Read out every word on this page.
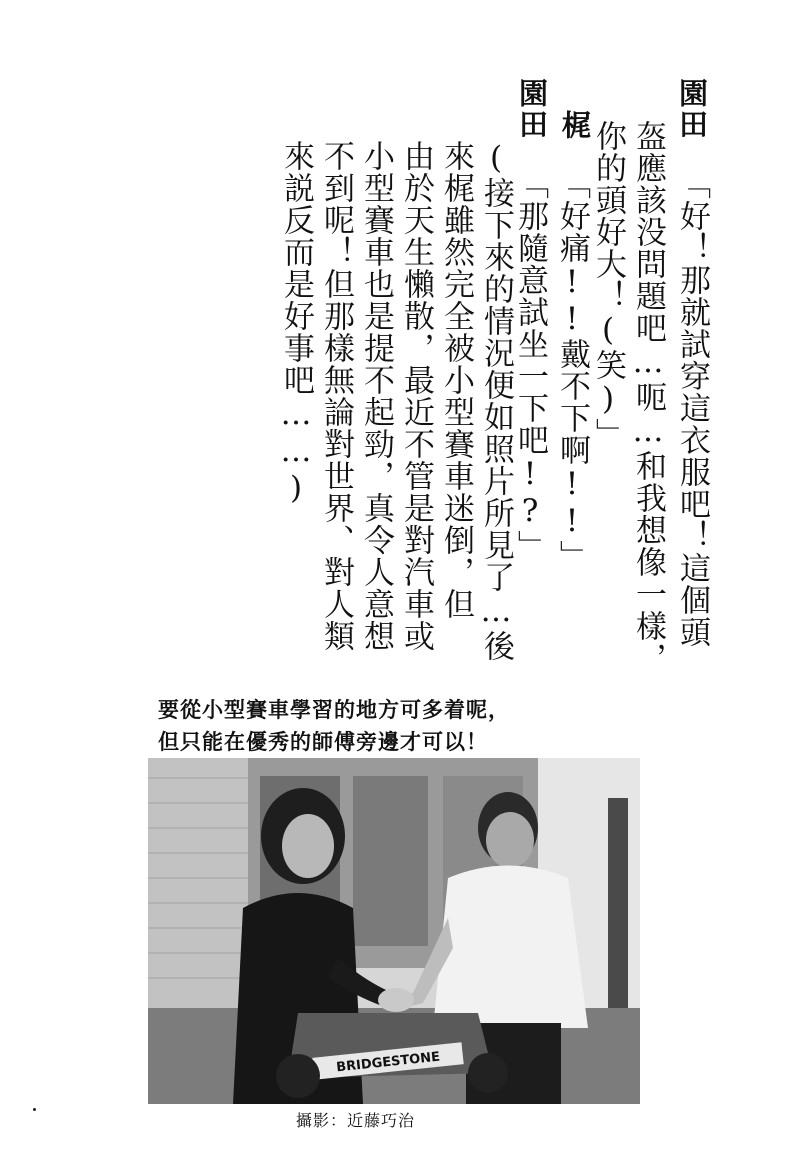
園田
「好！那就試穿這衣服吧！這個頭
盔應該没問題吧…呃…和我想像一樣，
你的頭好大！(笑)」
梶
「好痛!!戴不下啊!!」
園田
「那隨意試坐一下吧!?」
(接下來的情況便如照片所見了…後
來梶雖然完全被小型賽車迷倒，但
由於天生懶散，最近不管是對汽車或
小型賽車也是提不起勁，真令人意想
不到呢！但那樣無論對世界、對人類
來説反而是好事吧……)
要從小型賽車學習的地方可多着呢，
但只能在優秀的師傅旁邊才可以！
BRIDGESTONE
攝影：近藤巧治
